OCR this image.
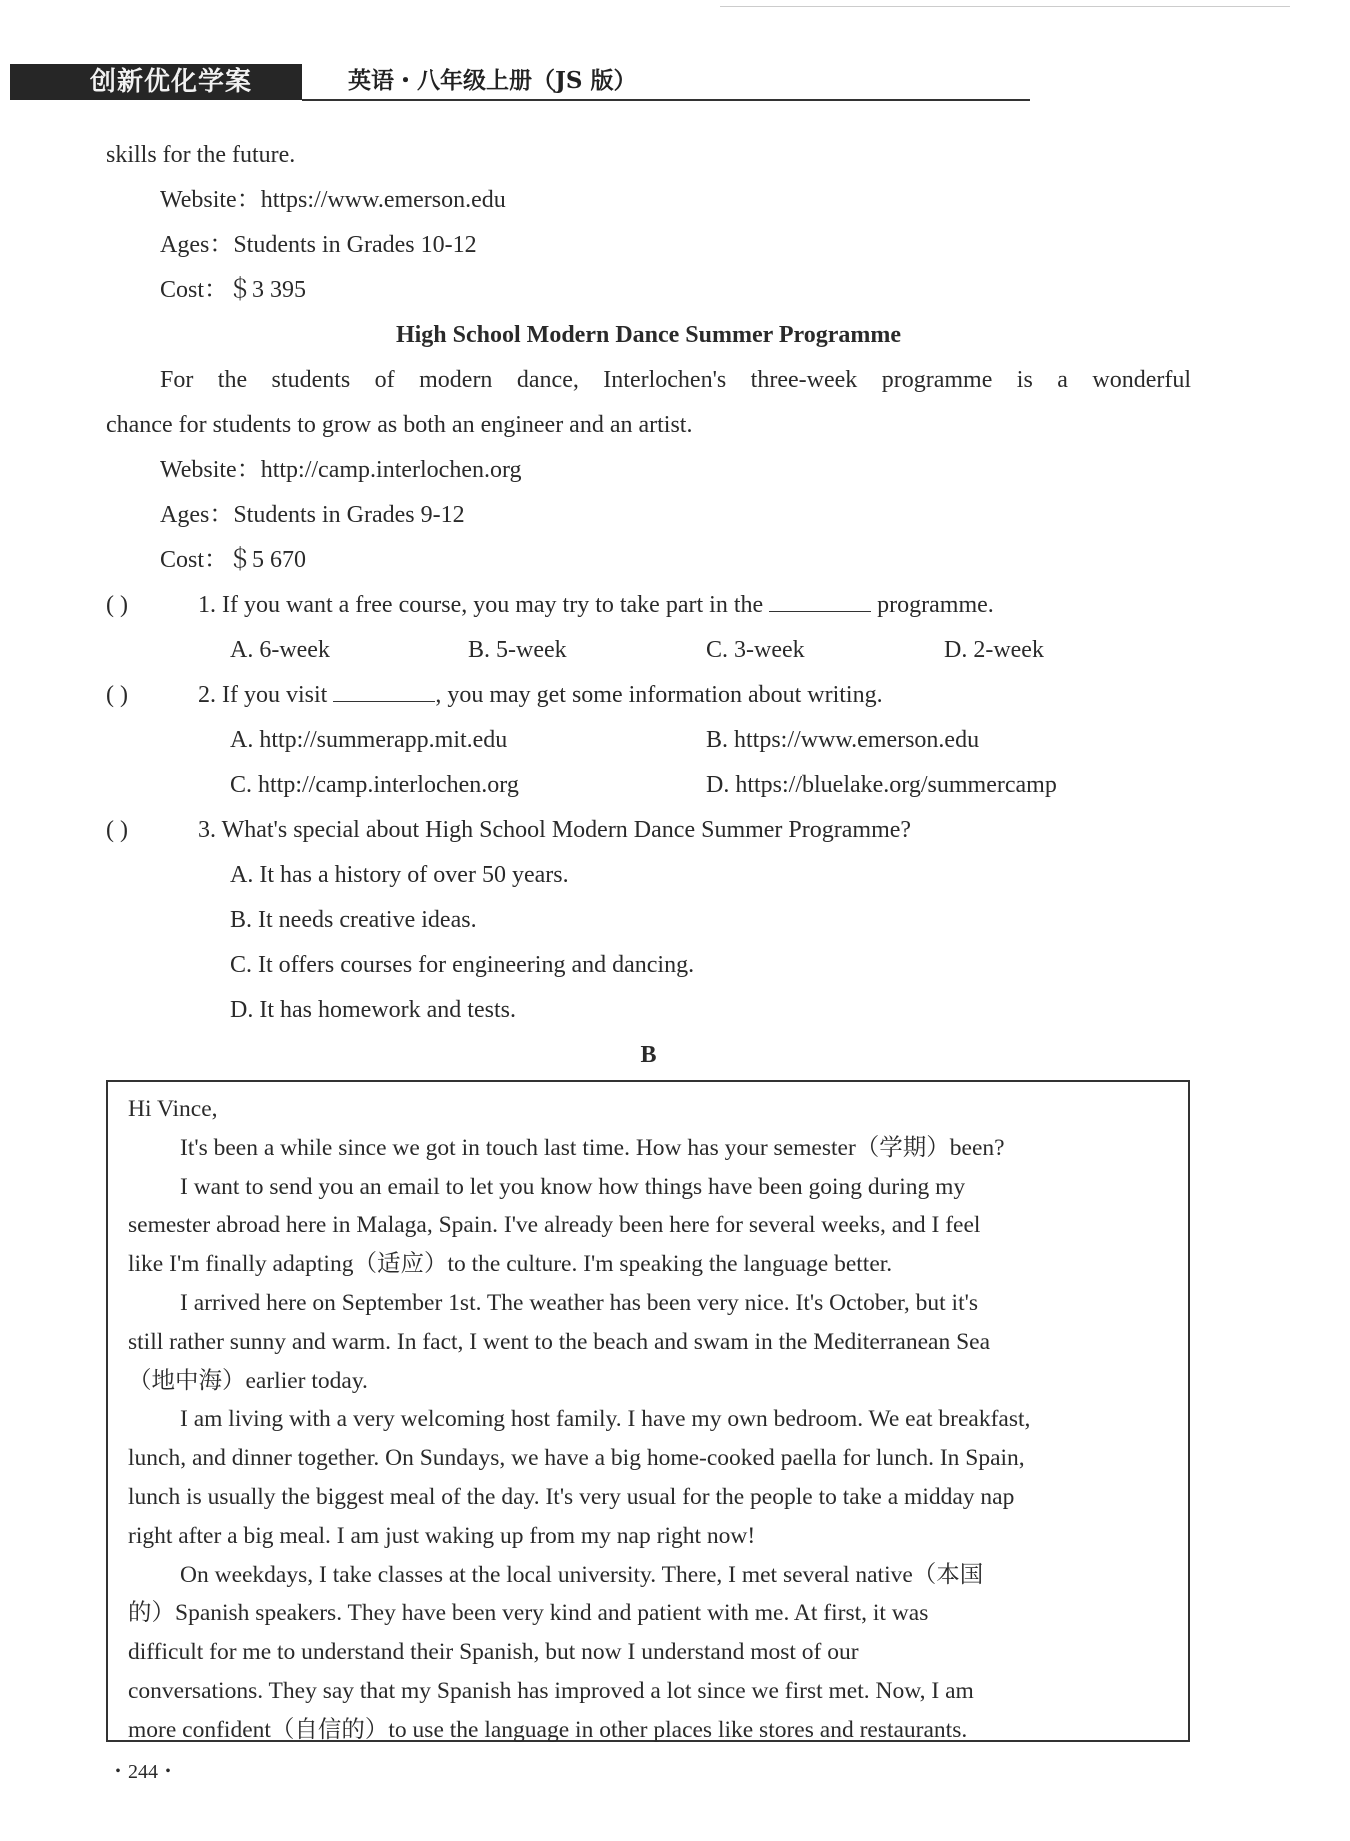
创新优化学案	英语・八年级上册（JS 版）
skills for the future.
Website：https://www.emerson.edu
Ages：Students in Grades 10-12
Cost：＄3 395
High School Modern Dance Summer Programme
For the students of modern dance, Interlochen's three-week programme is a wonderful
chance for students to grow as both an engineer and an artist.
Website：http://camp.interlochen.org
Ages：Students in Grades 9-12
Cost：＄5 670
( )	1. If you want a free course, you may try to take part in the	programme.
A. 6-week	B. 5-week	C. 3-week	D. 2-week
( )	2. If you visit	, you may get some information about writing.
A. http://summerapp.mit.edu	B. https://www.emerson.edu
C. http://camp.interlochen.org	D. https://bluelake.org/summercamp
( )	3. What's special about High School Modern Dance Summer Programme?
A. It has a history of over 50 years.
B. It needs creative ideas.
C. It offers courses for engineering and dancing.
D. It has homework and tests.
B
Hi Vince,
It's been a while since we got in touch last time. How has your semester（学期）been?
I want to send you an email to let you know how things have been going during my
semester abroad here in Malaga, Spain. I've already been here for several weeks, and I feel
like I'm finally adapting（适应）to the culture. I'm speaking the language better.
I arrived here on September 1st. The weather has been very nice. It's October, but it's
still rather sunny and warm. In fact, I went to the beach and swam in the Mediterranean Sea
（地中海）earlier today.
I am living with a very welcoming host family. I have my own bedroom. We eat breakfast,
lunch, and dinner together. On Sundays, we have a big home-cooked paella for lunch. In Spain,
lunch is usually the biggest meal of the day. It's very usual for the people to take a midday nap
right after a big meal. I am just waking up from my nap right now!
On weekdays, I take classes at the local university. There, I met several native（本国
的）Spanish speakers. They have been very kind and patient with me. At first, it was
difficult for me to understand their Spanish, but now I understand most of our
conversations. They say that my Spanish has improved a lot since we first met. Now, I am
more confident（自信的）to use the language in other places like stores and restaurants.
・244・
